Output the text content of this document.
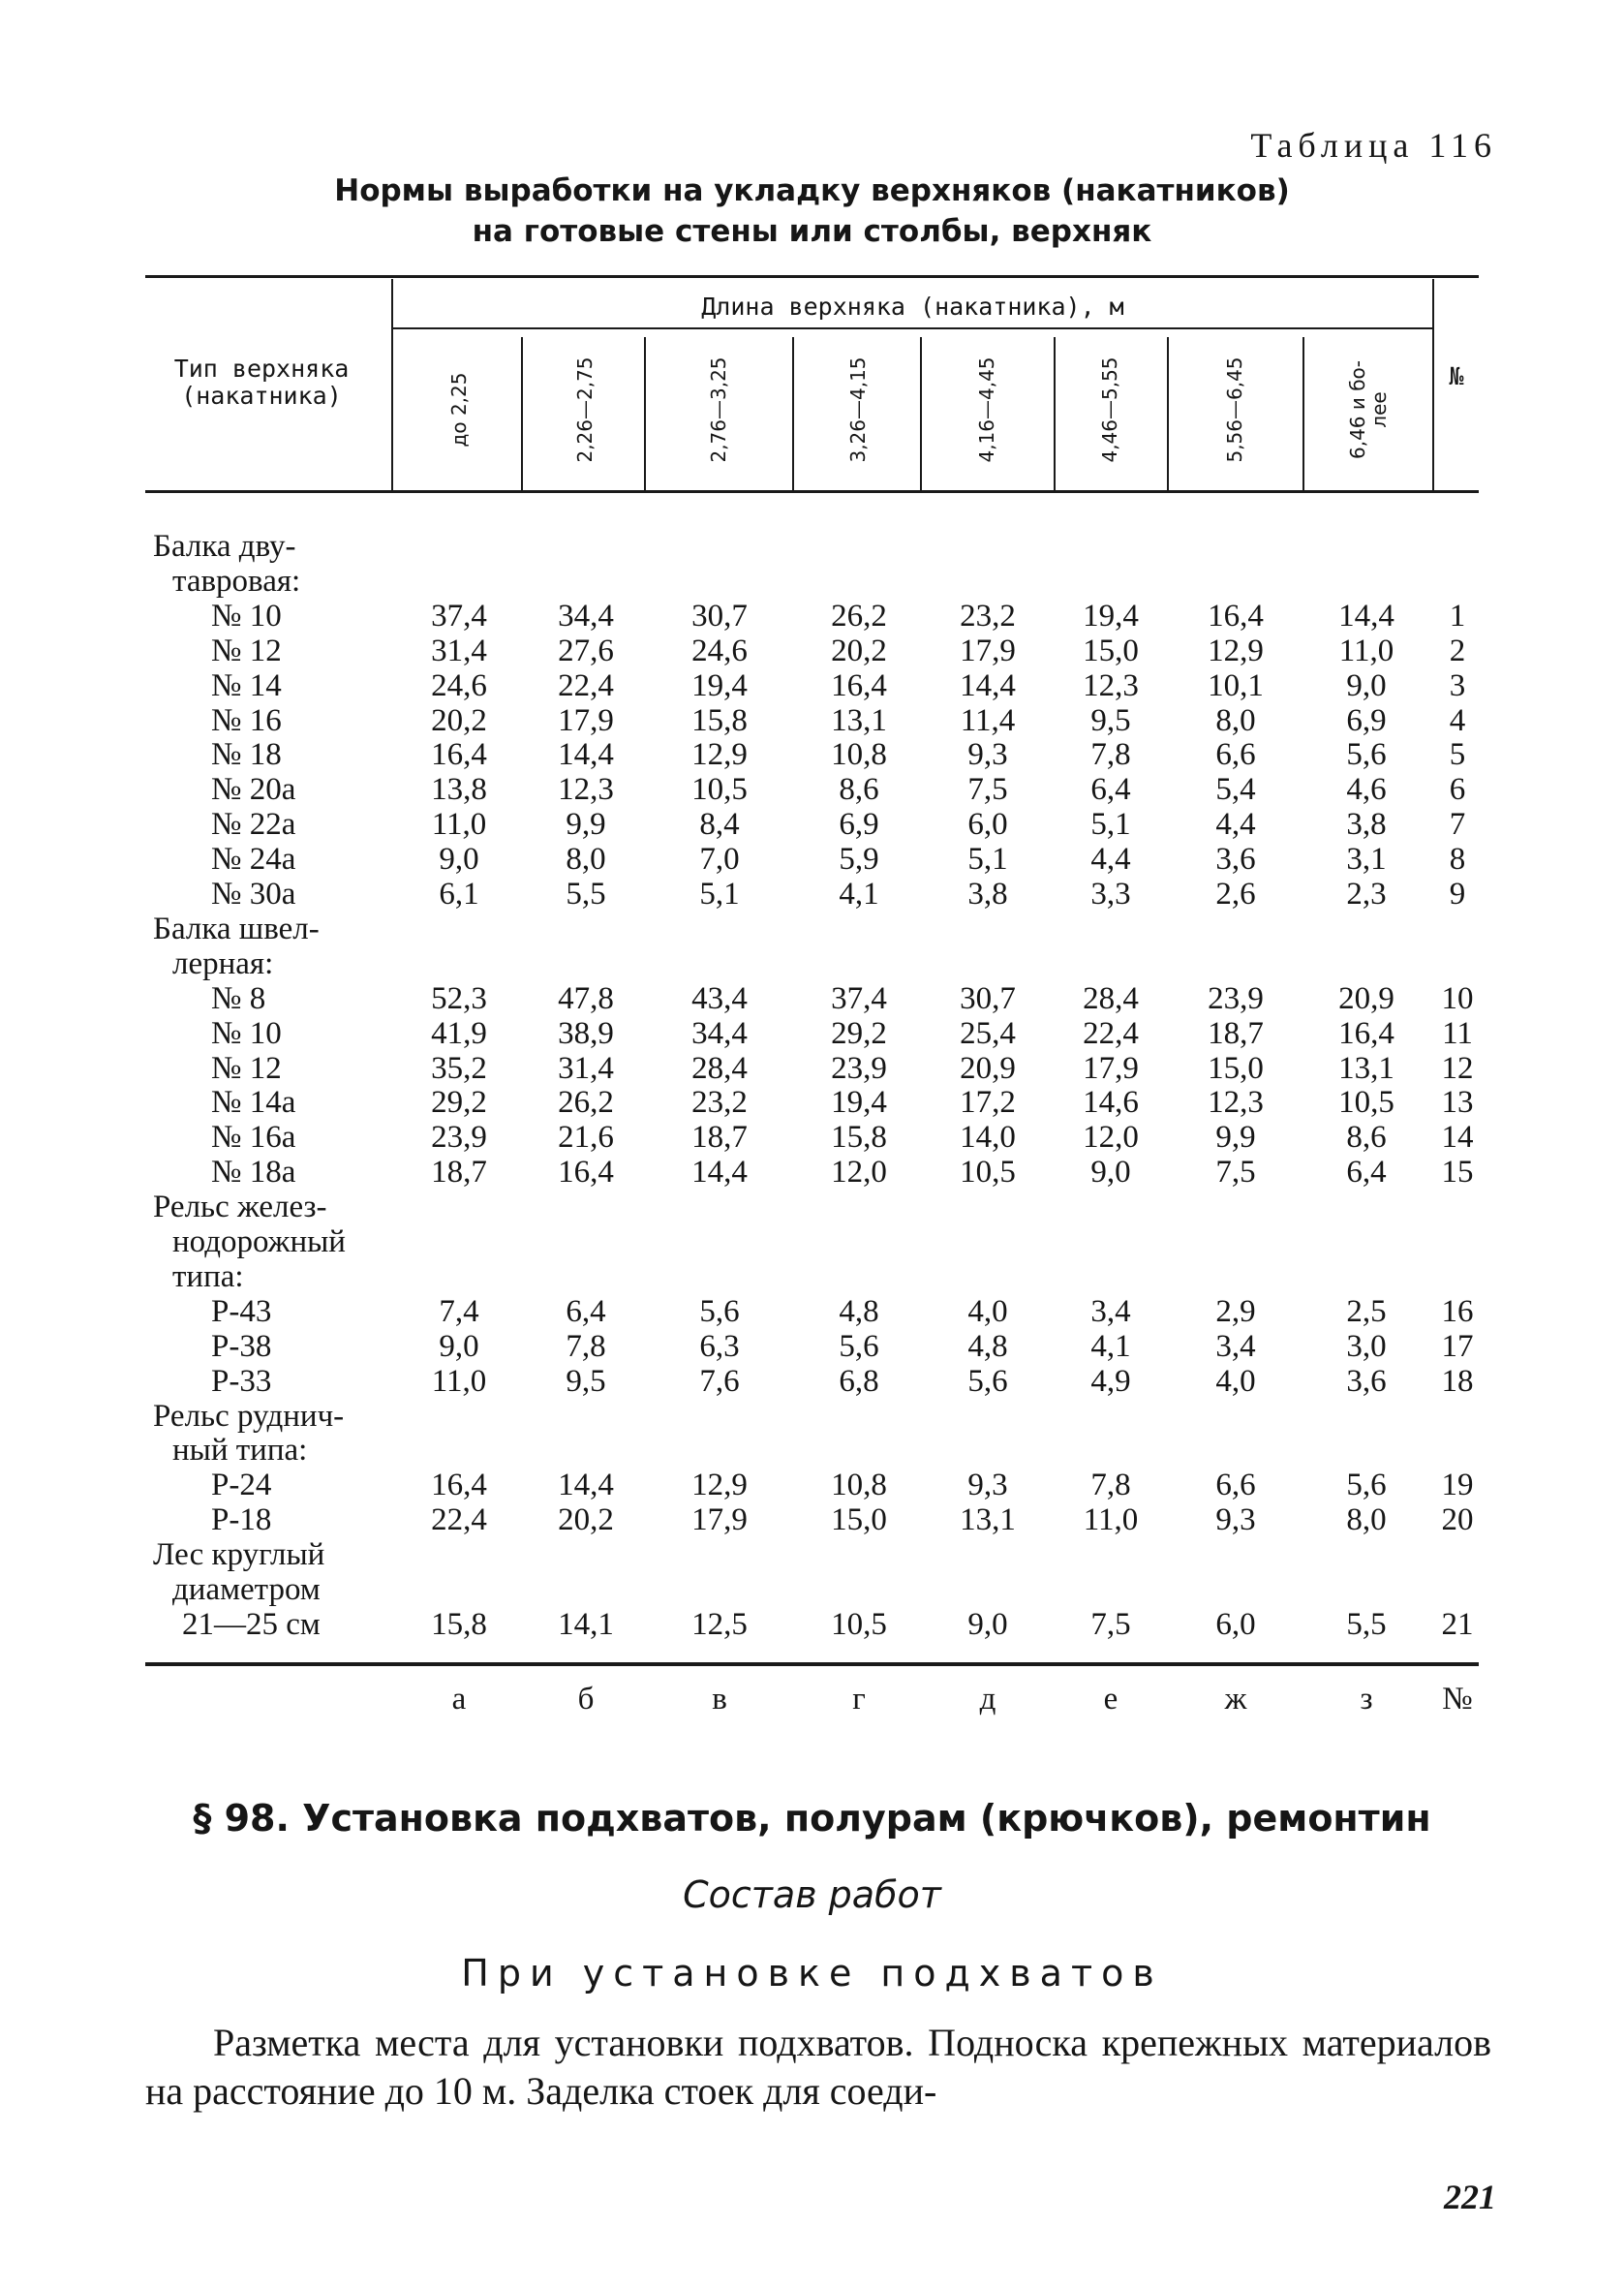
Таблица 116
Нормы выработки на укладку верхняков (накатников)
на готовые стены или столбы, верхняк
Тип верхняка
(накатника)
Длина верхняка (накатника), м
№
до 2,25	2,26—2,75	2,76—3,25	3,26—4,15	4,16—4,45	4,46—5,55	5,56—6,45	6,46 и бо-лее
Балка дву-
тавровая:
№ 10	37,4	34,4	30,7	26,2	23,2	19,4	16,4	14,4	1
№ 12	31,4	27,6	24,6	20,2	17,9	15,0	12,9	11,0	2
№ 14	24,6	22,4	19,4	16,4	14,4	12,3	10,1	9,0	3
№ 16	20,2	17,9	15,8	13,1	11,4	9,5	8,0	6,9	4
№ 18	16,4	14,4	12,9	10,8	9,3	7,8	6,6	5,6	5
№ 20а	13,8	12,3	10,5	8,6	7,5	6,4	5,4	4,6	6
№ 22а	11,0	9,9	8,4	6,9	6,0	5,1	4,4	3,8	7
№ 24а	9,0	8,0	7,0	5,9	5,1	4,4	3,6	3,1	8
№ 30а	6,1	5,5	5,1	4,1	3,8	3,3	2,6	2,3	9
Балка швел-
лерная:
№ 8	52,3	47,8	43,4	37,4	30,7	28,4	23,9	20,9	10
№ 10	41,9	38,9	34,4	29,2	25,4	22,4	18,7	16,4	11
№ 12	35,2	31,4	28,4	23,9	20,9	17,9	15,0	13,1	12
№ 14а	29,2	26,2	23,2	19,4	17,2	14,6	12,3	10,5	13
№ 16а	23,9	21,6	18,7	15,8	14,0	12,0	9,9	8,6	14
№ 18а	18,7	16,4	14,4	12,0	10,5	9,0	7,5	6,4	15
Рельс желез-
нодорожный
типа:
Р-43	7,4	6,4	5,6	4,8	4,0	3,4	2,9	2,5	16
Р-38	9,0	7,8	6,3	5,6	4,8	4,1	3,4	3,0	17
Р-33	11,0	9,5	7,6	6,8	5,6	4,9	4,0	3,6	18
Рельс руднич-
ный типа:
Р-24	16,4	14,4	12,9	10,8	9,3	7,8	6,6	5,6	19
Р-18	22,4	20,2	17,9	15,0	13,1	11,0	9,3	8,0	20
Лес круглый
диаметром
21—25 см	15,8	14,1	12,5	10,5	9,0	7,5	6,0	5,5	21
а	б	в	г	д	е	ж	з	№
§ 98. Установка подхватов, полурам (крючков), ремонтин
Состав работ
При установке подхватов
Разметка места для установки подхватов. Подноска крепежных материалов на расстояние до 10 м. Заделка стоек для соеди-
221
